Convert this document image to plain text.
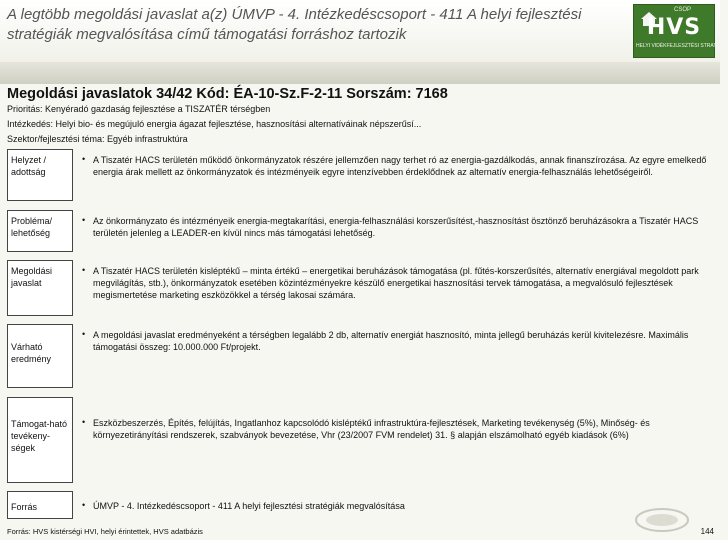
A legtöbb megoldási javaslat a(z) ÚMVP - 4. Intézkedéscsoport - 411 A helyi fejlesztési stratégiák megvalósítása című támogatási forráshoz tartozik
CSOP
HVS
HELYI VIDÉKFEJLESZTÉSI STRATÉGIA
Megoldási javaslatok 34/42 Kód: ÉA-10-Sz.F-2-11 Sorszám: 7168
Prioritás: Kenyéradó gazdaság fejlesztése a TISZATÉR térségben
Intézkedés: Helyi bio- és megújuló energia ágazat fejlesztése, hasznosítási alternatíváinak népszerűsí...
Szektor/fejlesztési téma: Egyéb infrastruktúra
Helyzet / adottság
• A Tiszatér HACS területén működő önkormányzatok részére jellemzően nagy terhet ró az energia-gazdálkodás, annak finanszírozása. Az egyre emelkedő energia árak mellett az önkormányzatok és intézményeik egyre intenzívebben érdeklődnek az alternatív energia-felhasználás lehetőségeiről.
Probléma/ lehetőség
• Az önkormányzato és intézményeik energia-megtakarítási, energia-felhasználási korszerűsítést,-hasznosítást ösztönző beruházásokra a Tiszatér HACS területén jelenleg a LEADER-en kívül nincs más támogatási lehetőség.
Megoldási javaslat
• A Tiszatér HACS területén kisléptékű – minta értékű – energetikai beruházások támogatása (pl. fűtés-korszerűsítés, alternatív energiával megoldott park megvilágítás, stb.), önkormányzatok esetében közintézményekre készülő energetikai hasznosítási tervek támogatása, a megvalósuló fejlesztések megismertetése marketing eszközökkel a térség lakosai számára.
Várható eredmény
• A megoldási javaslat eredményeként a térségben legalább 2 db, alternatív energiát hasznosító, minta jellegű beruházás kerül kivitelezésre. Maximális támogatási összeg: 10.000.000 Ft/projekt.
Támogat-ható tevékeny-ségek
• Eszközbeszerzés, Építés, felújítás, Ingatlanhoz kapcsolódó kisléptékű infrastruktúra-fejlesztések, Marketing tevékenység (5%), Minőség- és környezetirányítási rendszerek, szabványok bevezetése, Vhr (23/2007 FVM rendelet) 31. § alapján elszámolható egyéb kiadások (6%)
Forrás	• ÚMVP - 4. Intézkedéscsoport - 411 A helyi fejlesztési stratégiák megvalósítása
Forrás: HVS kistérségi HVI, helyi érintettek, HVS adatbázis	144
